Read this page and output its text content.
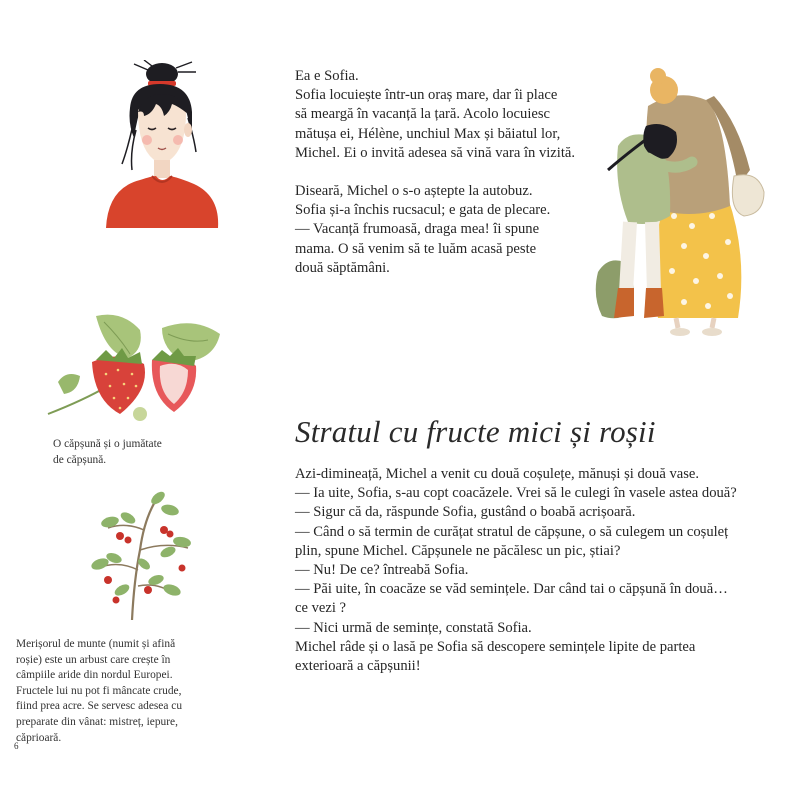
Ea e Sofia.

Sofia locuiește într-un oraș mare, dar îi place

să meargă în vacanță la țară. Acolo locuiesc

mătușa ei, Hélène, unchiul Max și băiatul lor,

Michel. Ei o invită adesea să vină vara în vizită.

Diseară, Michel o s-o aștepte la autobuz.

Sofia și-a închis rucsacul; e gata de plecare.

— Vacanță frumoasă, draga mea! îi spune

mama. O să venim să te luăm acasă peste

două săptămâni.

O căpșună și o jumătate
de căpșună.
Merișorul de munte (numit și afină
roșie) este un arbust care crește în
câmpiile aride din nordul Europei.
Fructele lui nu pot fi mâncate crude,
fiind prea acre. Se servesc adesea cu
preparate din vânat: mistreț, iepure,
căprioară.
Stratul cu fructe mici și roșii

Azi-dimineață, Michel a venit cu două coșulețe, mănuși și două vase.

— Ia uite, Sofia, s-au copt coacăzele. Vrei să le culegi în vasele astea două?

— Sigur că da, răspunde Sofia, gustând o boabă acrișoară.

— Când o să termin de curățat stratul de căpșune, o să culegem un coșuleț

plin, spune Michel. Căpșunele ne păcălesc un pic, știai?

— Nu! De ce? întreabă Sofia.

— Păi uite, în coacăze se văd semințele. Dar când tai o căpșună în două…

ce vezi ?

— Nici urmă de semințe, constată Sofia.

Michel râde și o lasă pe Sofia să descopere semințele lipite de partea

exterioară a căpșunii!

6
